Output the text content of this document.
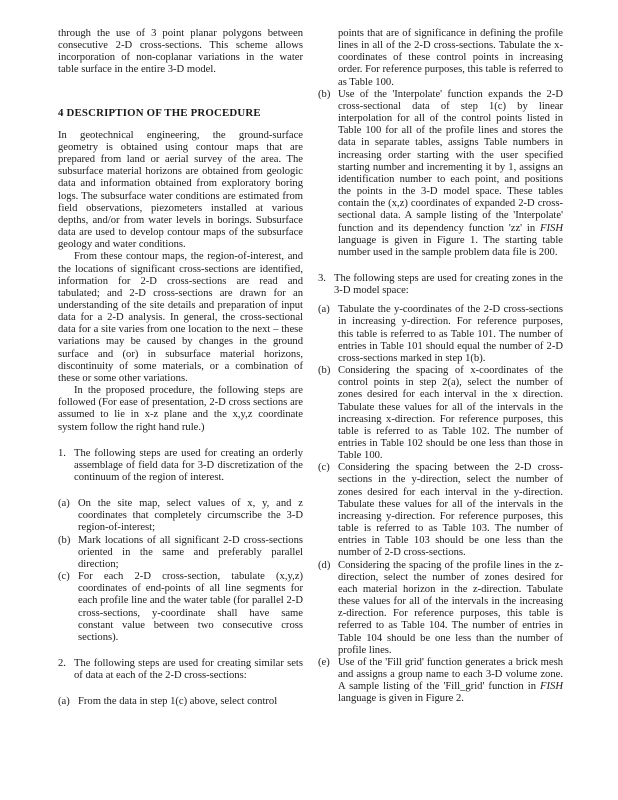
through the use of 3 point planar polygons between consecutive 2-D cross-sections. This scheme allows incorporation of non-coplanar variations in the water table surface in the entire 3-D model.

4 DESCRIPTION OF THE PROCEDURE

In geotechnical engineering, the ground-surface geometry is obtained using contour maps that are prepared from land or aerial survey of the area. The subsurface material horizons are obtained from geologic data and information obtained from exploratory boring logs. The subsurface water conditions are estimated from field observations, piezometers installed at various depths, and/or from water levels in borings. Subsurface data are used to develop contour maps of the subsurface geology and water conditions.

From these contour maps, the region-of-interest, and the locations of significant cross-sections are identified, information for 2-D cross-sections are read and tabulated; and 2-D cross-sections are drawn for an understanding of the site details and preparation of input data for a 2-D analysis. In general, the cross-sectional data for a site varies from one location to the next – these variations may be caused by changes in the ground surface and (or) in subsurface material horizons, discontinuity of some materials, or a combination of these or some other variations.

In the proposed procedure, the following steps are followed (For ease of presentation, 2-D cross sections are assumed to lie in x-z plane and the x,y,z coordinate system follow the right hand rule.)

1. The following steps are used for creating an orderly assemblage of field data for 3-D discretization of the continuum of the region of interest.
(a) On the site map, select values of x, y, and z coordinates that completely circumscribe the 3-D region-of-interest;
(b) Mark locations of all significant 2-D cross-sections oriented in the same and preferably parallel direction;
(c) For each 2-D cross-section, tabulate (x,y,z) coordinates of end-points of all line segments for each profile line and the water table (for parallel 2-D cross-sections, y-coordinate shall have same constant value between two consecutive cross sections).
2. The following steps are used for creating similar sets of data at each of the 2-D cross-sections:
(a) From the data in step 1(c) above, select control

points that are of significance in defining the profile lines in all of the 2-D cross-sections. Tabulate the x-coordinates of these control points in increasing order. For reference purposes, this table is referred to as Table 100.

(b) Use of the 'Interpolate' function expands the 2-D cross-sectional data of step 1(c) by linear interpolation for all of the control points listed in Table 100 for all of the profile lines and stores the data in separate tables, assigns Table numbers in increasing order starting with the user specified starting number and incrementing it by 1, assigns an identification number to each point, and positions the points in the 3-D model space. These tables contain the (x,z) coordinates of expanded 2-D cross-sectional data. A sample listing of the 'Interpolate' function and its dependency function 'zz' in FISH language is given in Figure 1. The starting table number used in the sample problem data file is 200.
3. The following steps are used for creating zones in the 3-D model space:
(a) Tabulate the y-coordinates of the 2-D cross-sections in increasing y-direction. For reference purposes, this table is referred to as Table 101. The number of entries in Table 101 should equal the number of 2-D cross-sections marked in step 1(b).
(b) Considering the spacing of x-coordinates of the control points in step 2(a), select the number of zones desired for each interval in the x direction. Tabulate these values for all of the intervals in the increasing x-direction. For reference purposes, this table is referred to as Table 102. The number of entries in Table 102 should be one less than those in Table 100.
(c) Considering the spacing between the 2-D cross-sections in the y-direction, select the number of zones desired for each interval in the y-direction. Tabulate these values for all of the intervals in the increasing y-direction. For reference purposes, this table is referred to as Table 103. The number of entries in Table 103 should be one less than the number of 2-D cross-sections.
(d) Considering the spacing of the profile lines in the z-direction, select the number of zones desired for each material horizon in the z-direction. Tabulate these values for all of the intervals in the increasing z-direction. For reference purposes, this table is referred to as Table 104. The number of entries in Table 104 should be one less than the number of profile lines.
(e) Use of the 'Fill grid' function generates a brick mesh and assigns a group name to each 3-D volume zone. A sample listing of the 'Fill_grid' function in FISH language is given in Figure 2.
